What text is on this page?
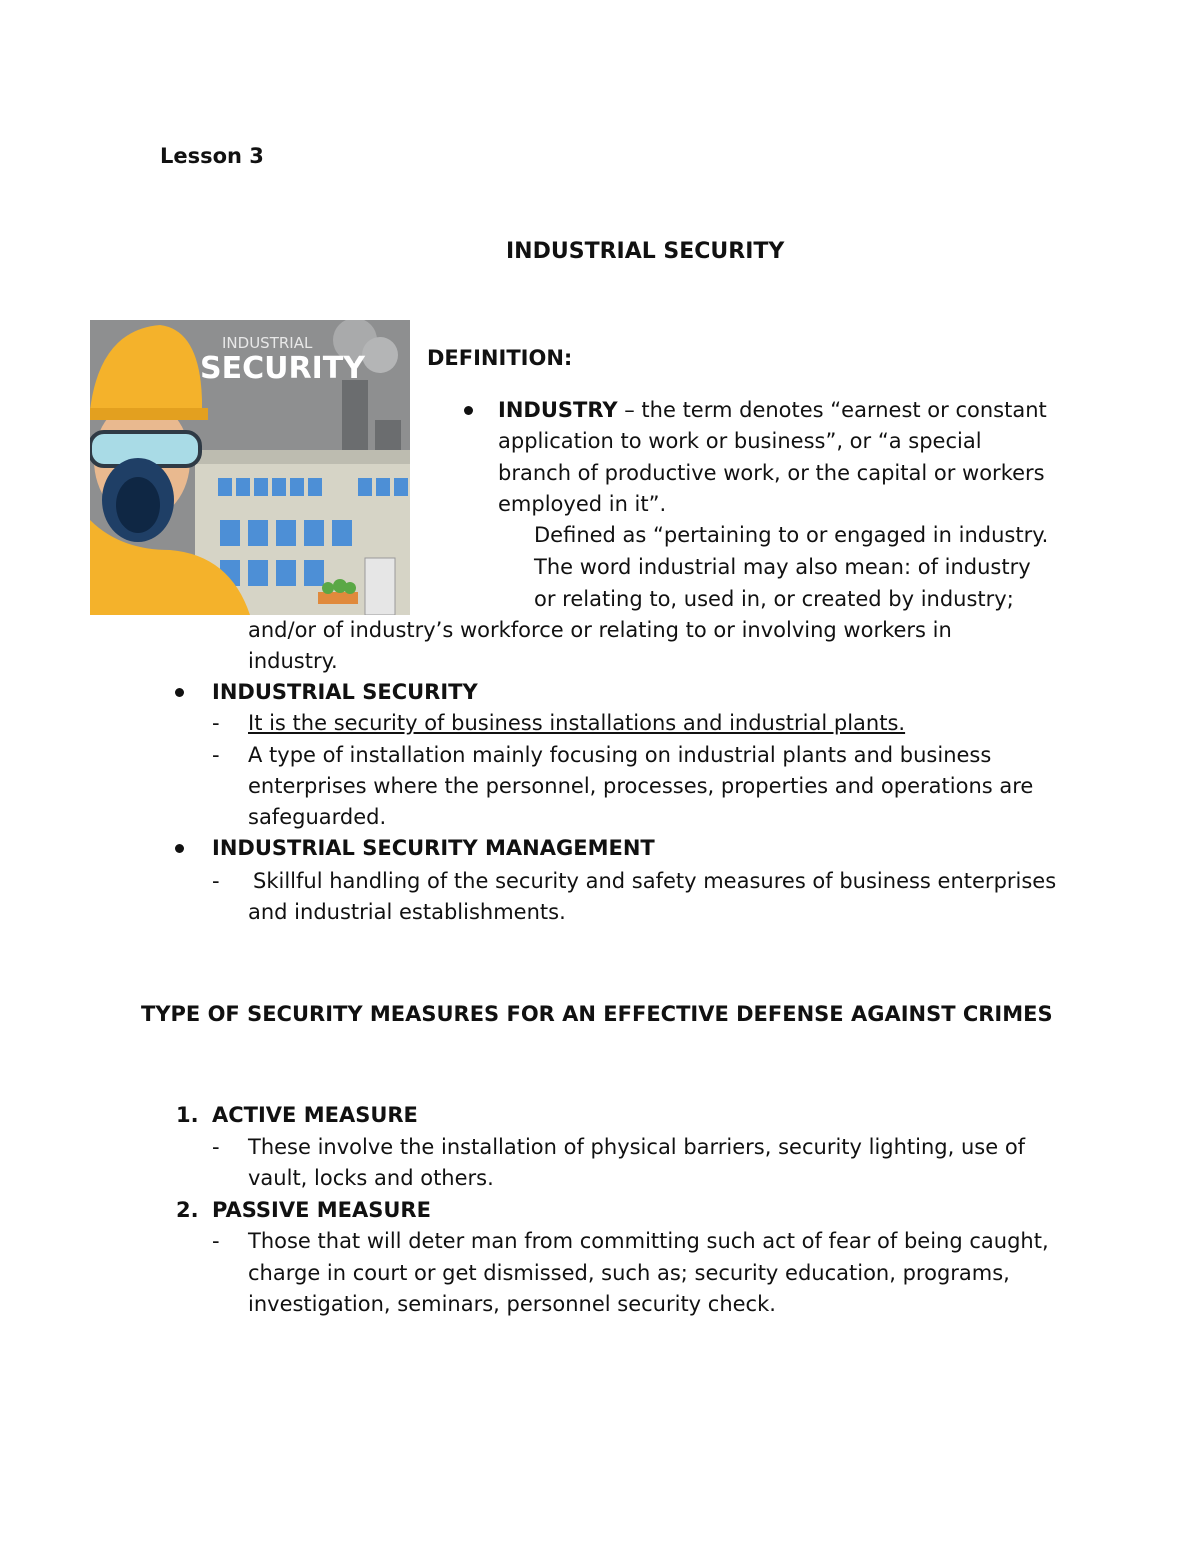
Lesson 3
INDUSTRIAL SECURITY
INDUSTRIAL
SECURITY	DEFINITION:
INDUSTRY – the term denotes “earnest or constant
application to work or business”, or “a special
branch of productive work, or the capital or workers
employed in it”.
Defined as “pertaining to or engaged in industry.
The word industrial may also mean: of industry
or relating to, used in, or created by industry;
and/or of industry’s workforce or relating to or involving workers in
industry.
INDUSTRIAL SECURITY
- It is the security of business installations and industrial plants.
- A type of installation mainly focusing on industrial plants and business
enterprises where the personnel, processes, properties and operations are
safeguarded.
INDUSTRIAL SECURITY MANAGEMENT
- Skillful handling of the security and safety measures of business enterprises
and industrial establishments.
TYPE OF SECURITY MEASURES FOR AN EFFECTIVE DEFENSE AGAINST CRIMES
1. ACTIVE MEASURE
- These involve the installation of physical barriers, security lighting, use of
vault, locks and others.
2. PASSIVE MEASURE
- Those that will deter man from committing such act of fear of being caught,
charge in court or get dismissed, such as; security education, programs,
investigation, seminars, personnel security check.
